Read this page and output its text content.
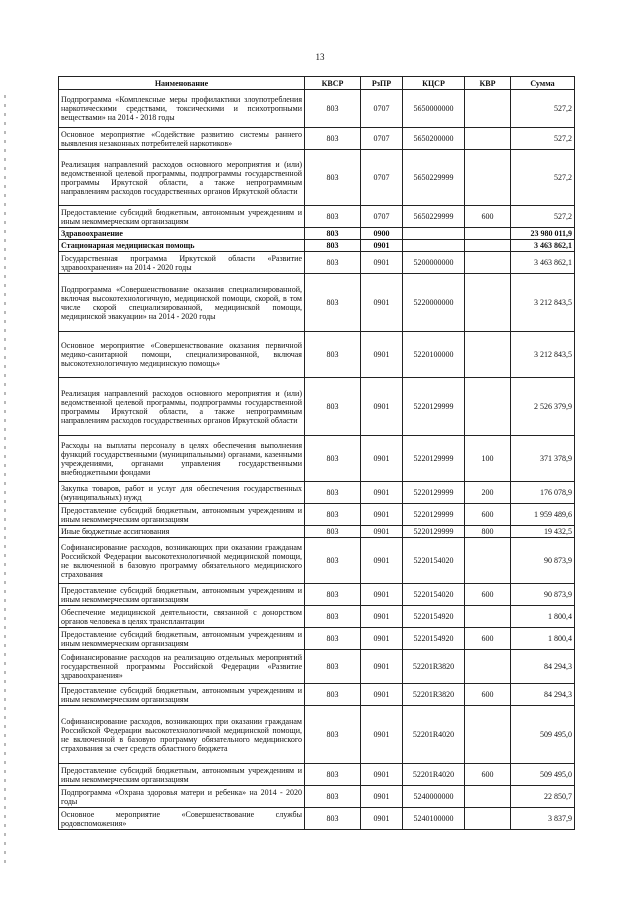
13
Наименование	КВСР	РзПР	КЦСР	КВР	Сумма
Подпрограмма «Комплексные меры профилактики злоупотребления наркотическими средствами, токсическими и психотропными веществами» на 2014 - 2018 годы	803	0707	5650000000		527,2
Основное мероприятие «Содействие развитию системы раннего выявления незаконных потребителей наркотиков»	803	0707	5650200000		527,2
Реализация направлений расходов основного мероприятия и (или) ведомственной целевой программы, подпрограммы государственной программы Иркутской области, а также непрограммным направлениям расходов государственных органов Иркутской области	803	0707	5650229999		527,2
Предоставление субсидий бюджетным, автономным учреждениям и иным некоммерческим организациям	803	0707	5650229999	600	527,2
Здравоохранение	803	0900			23 980 011,9
Стационарная медицинская помощь	803	0901			3 463 862,1
Государственная программа Иркутской области «Развитие здравоохранения» на 2014 - 2020 годы	803	0901	5200000000		3 463 862,1
Подпрограмма «Совершенствование оказания специализированной, включая высокотехнологичную, медицинской помощи, скорой, в том числе скорой специализированной, медицинской помощи, медицинской эвакуации» на 2014 - 2020 годы	803	0901	5220000000		3 212 843,5
Основное мероприятие «Совершенствование оказания первичной медико-санитарной помощи, специализированной, включая высокотехнологичную медицинскую помощь»	803	0901	5220100000		3 212 843,5
Реализация направлений расходов основного мероприятия и (или) ведомственной целевой программы, подпрограммы государственной программы Иркутской области, а также непрограммным направлениям расходов государственных органов Иркутской области	803	0901	5220129999		2 526 379,9
Расходы на выплаты персоналу в целях обеспечения выполнения функций государственными (муниципальными) органами, казенными учреждениями, органами управления государственными внебюджетными фондами	803	0901	5220129999	100	371 378,9
Закупка товаров, работ и услуг для обеспечения государственных (муниципальных) нужд	803	0901	5220129999	200	176 078,9
Предоставление субсидий бюджетным, автономным учреждениям и иным некоммерческим организациям	803	0901	5220129999	600	1 959 489,6
Иные бюджетные ассигнования	803	0901	5220129999	800	19 432,5
Софинансирование расходов, возникающих при оказании гражданам Российской Федерации высокотехнологичной медицинской помощи, не включенной в базовую программу обязательного медицинского страхования	803	0901	5220154020		90 873,9
Предоставление субсидий бюджетным, автономным учреждениям и иным некоммерческим организациям	803	0901	5220154020	600	90 873,9
Обеспечение медицинской деятельности, связанной с донорством органов человека в целях трансплантации	803	0901	5220154920		1 800,4
Предоставление субсидий бюджетным, автономным учреждениям и иным некоммерческим организациям	803	0901	5220154920	600	1 800,4
Софинансирование расходов на реализацию отдельных мероприятий государственной программы Российской Федерации «Развитие здравоохранения»	803	0901	52201R3820		84 294,3
Предоставление субсидий бюджетным, автономным учреждениям и иным некоммерческим организациям	803	0901	52201R3820	600	84 294,3
Софинансирование расходов, возникающих при оказании гражданам Российской Федерации высокотехнологичной медицинской помощи, не включенной в базовую программу обязательного медицинского страхования за счет средств областного бюджета	803	0901	52201R4020		509 495,0
Предоставление субсидий бюджетным, автономным учреждениям и иным некоммерческим организациям	803	0901	52201R4020	600	509 495,0
Подпрограмма «Охрана здоровья матери и ребенка» на 2014 - 2020 годы	803	0901	5240000000		22 850,7
Основное мероприятие «Совершенствование службы родовспоможения»	803	0901	5240100000		3 837,9
